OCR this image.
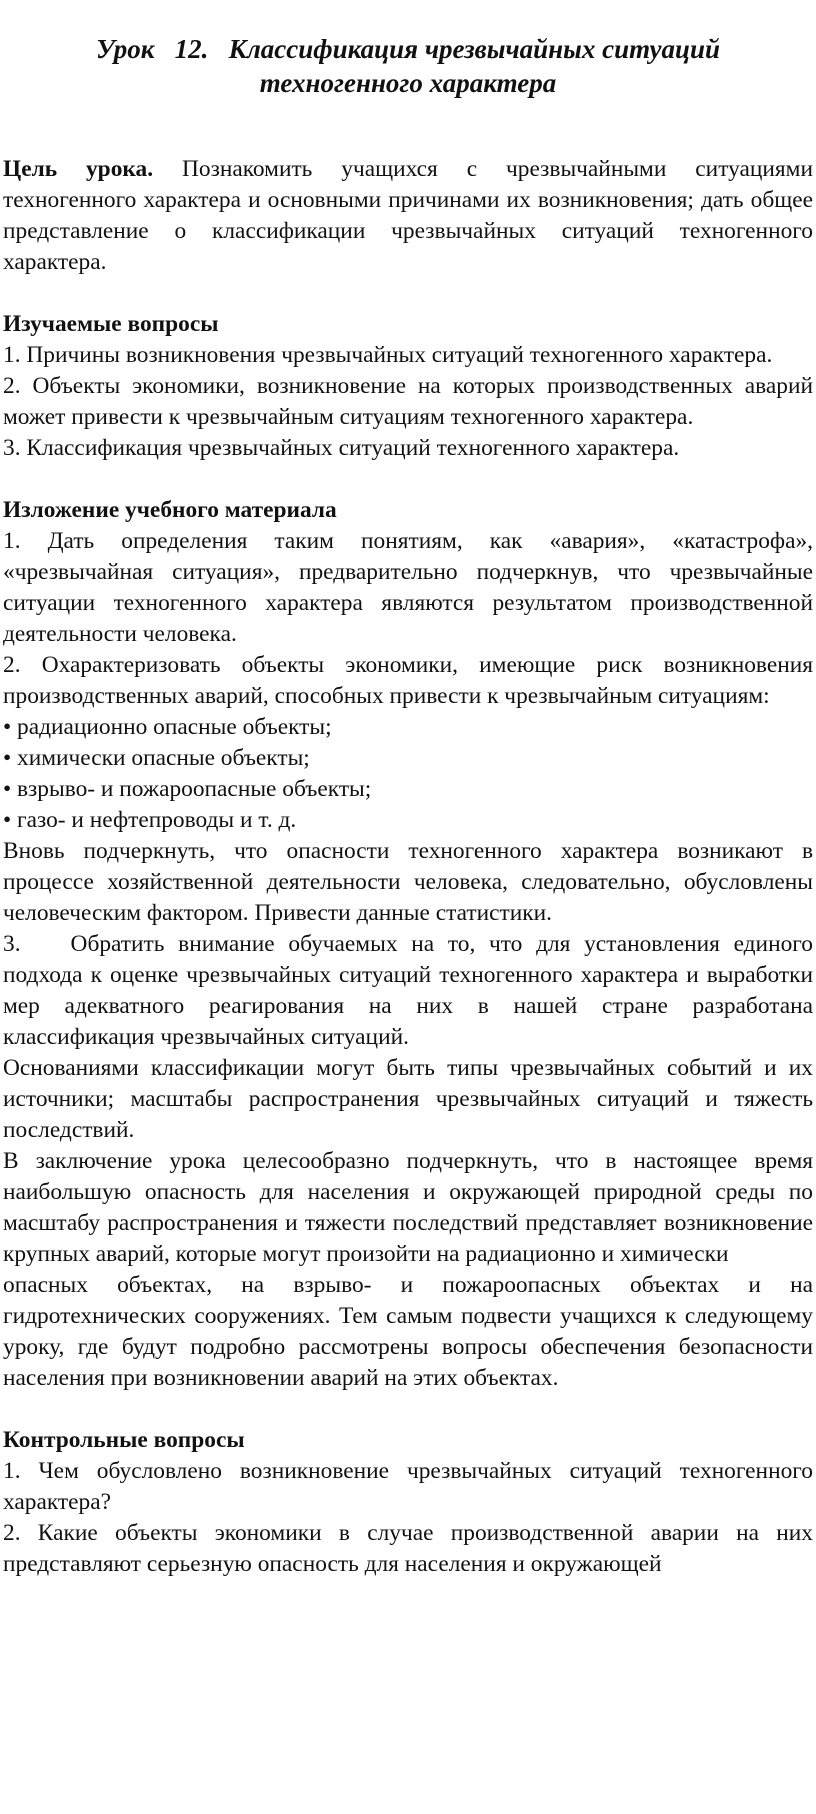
Урок   12.   Классификация чрезвычайных ситуаций
техногенного характера

Цель урока. Познакомить учащихся с чрезвычайными ситуациями техногенного характера и основными причинами их возникновения; дать общее представление о классификации чрезвычайных ситуаций техногенного характера.

Изучаемые вопросы

1. Причины возникновения чрезвычайных ситуаций техногенного характера.

2. Объекты экономики, возникновение на которых производственных аварий может привести к чрезвычайным ситуациям техногенного характера.

3. Классификация чрезвычайных ситуаций техногенного характера.

Изложение учебного материала

1. Дать определения таким понятиям, как «авария», «катастрофа», «чрезвычайная ситуация», предварительно подчеркнув, что чрезвычайные ситуации техногенного характера являются результатом производственной деятельности человека.

2. Охарактеризовать объекты экономики, имеющие риск возникновения производственных аварий, способных привести к чрезвычайным ситуациям:

• радиационно опасные объекты;
• химически опасные объекты;
• взрыво- и пожароопасные объекты;
• газо- и нефтепроводы и т. д.

Вновь подчеркнуть, что опасности техногенного характера возникают в процессе хозяйственной деятельности человека, следовательно, обусловлены человеческим фактором. Привести данные статистики.

3. Обратить внимание обучаемых на то, что для установления единого подхода к оценке чрезвычайных ситуаций техногенного характера и выработки мер адекватного реагирования на них в нашей стране разработана классификация чрезвычайных ситуаций.

Основаниями классификации могут быть типы чрезвычайных событий и их источники; масштабы распространения чрезвычайных ситуаций и тяжесть последствий.

В заключение урока целесообразно подчеркнуть, что в настоящее время наибольшую опасность для населения и окружающей природной среды по масштабу распространения и тяжести последствий представляет возникновение крупных аварий, которые могут произойти на радиационно и химически

опасных объектах, на взрыво- и пожароопасных объектах и на гидротехнических сооружениях. Тем самым подвести учащихся к следующему уроку, где будут подробно рассмотрены вопросы обеспечения безопасности населения при возникновении аварий на этих объектах.

Контрольные вопросы

1. Чем обусловлено возникновение чрезвычайных ситуаций техногенного характера?

2. Какие объекты экономики в случае производственной аварии на них представляют серьезную опасность для населения и окружающей
